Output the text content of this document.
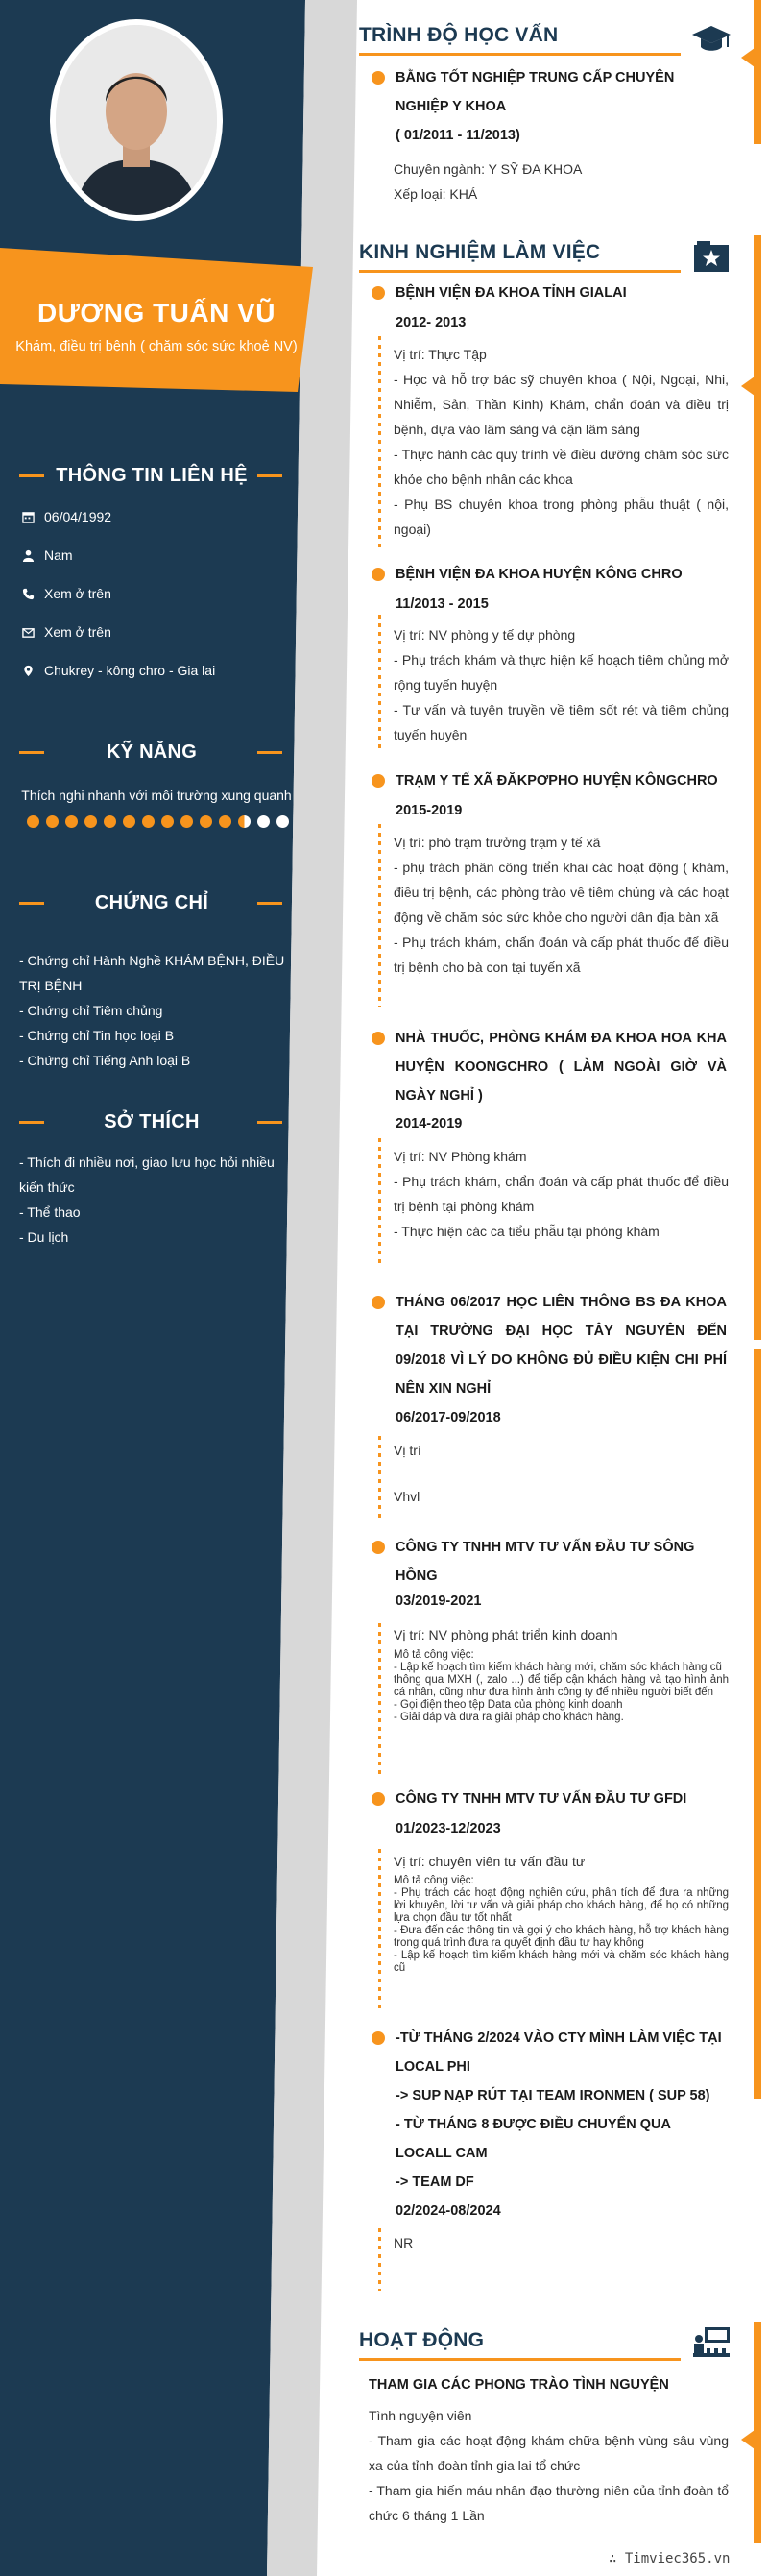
DƯƠNG TUẤN VŨ
Khám, điều trị bệnh ( chăm sóc sức khoẻ NV)
THÔNG TIN LIÊN HỆ
06/04/1992
Nam
Xem ở trên
Xem ở trên
Chukrey - kông chro - Gia lai
KỸ NĂNG
Thích nghi nhanh với môi trường xung quanh
CHỨNG CHỈ
- Chứng chỉ Hành Nghề KHÁM BỆNH, ĐIỀU TRỊ BỆNH
- Chứng chỉ Tiêm chủng
- Chứng chỉ Tin học loại B
- Chứng chỉ Tiếng Anh loại B
SỞ THÍCH
- Thích đi nhiều nơi, giao lưu học hỏi nhiều kiến thức
- Thể thao
- Du lịch
TRÌNH ĐỘ HỌC VẤN
BẰNG TỐT NGHIỆP TRUNG CẤP CHUYÊN NGHIỆP Y KHOA
( 01/2011 - 11/2013)

Chuyên ngành: Y SỸ ĐA KHOA

Xếp loại: KHÁ

KINH NGHIỆM LÀM VIỆC
BỆNH VIỆN ĐA KHOA TỈNH GIALAI
2012- 2013

Vị trí: Thực Tập

- Học và hỗ trợ bác sỹ chuyên khoa ( Nội, Ngoại, Nhi, Nhiễm, Sản, Thần Kinh) Khám, chẩn đoán và điều trị bệnh, dựa vào lâm sàng và cận lâm sàng

- Thực hành các quy trình về điều dưỡng chăm sóc sức khỏe cho bệnh nhân các khoa

- Phụ BS chuyên khoa trong phòng phẫu thuật ( nội, ngoại)

BỆNH VIỆN ĐA KHOA HUYỆN KÔNG CHRO
11/2013 - 2015

Vị trí: NV phòng y tế dự phòng

- Phụ trách khám và thực hiện kế hoạch tiêm chủng mở rộng tuyến huyện

- Tư vấn và tuyên truyền về tiêm sốt rét và tiêm chủng tuyến huyện

TRẠM Y TẾ XÃ ĐĂKPƠPHO HUYỆN KÔNGCHRO
2015-2019

Vị trí: phó trạm trưởng trạm y tế xã

- phụ trách phân công triển khai các hoạt động ( khám, điều trị bệnh, các phòng trào về tiêm chủng và các hoạt động về chăm sóc sức khỏe cho người dân địa bàn xã

- Phụ trách khám, chẩn đoán và cấp phát thuốc để điều trị bệnh cho bà con tại tuyến xã

NHÀ THUỐC, PHÒNG KHÁM ĐA KHOA HOA KHA HUYỆN KOONGCHRO ( LÀM NGOÀI GIỜ VÀ NGÀY NGHỈ )
2014-2019

Vị trí: NV Phòng khám

- Phụ trách khám, chẩn đoán và cấp phát thuốc để điều trị bệnh tại phòng khám

- Thực hiện các ca tiểu phẫu tại phòng khám

THÁNG 06/2017 HỌC LIÊN THÔNG BS ĐA KHOA TẠI TRƯỜNG ĐẠI HỌC TÂY NGUYÊN ĐẾN 09/2018 VÌ LÝ DO KHÔNG ĐỦ ĐIỀU KIỆN CHI PHÍ NÊN XIN NGHỈ
06/2017-09/2018

Vị trí

Vhvl

CÔNG TY TNHH MTV TƯ VẤN ĐẦU TƯ SÔNG HỒNG
03/2019-2021

Vị trí: NV phòng phát triển kinh doanh

Mô tả công việc:

- Lập kế hoạch tìm kiếm khách hàng mới, chăm sóc khách hàng cũ

thông qua MXH (, zalo ...) để tiếp cận khách hàng và tạo hình ảnh cá nhân, cũng như đưa hình ảnh công ty để nhiều người biết đến

- Gọi điện theo tệp Data của phòng kinh doanh

- Giải đáp và đưa ra giải pháp cho khách hàng.

CÔNG TY TNHH MTV TƯ VẤN ĐẦU TƯ GFDI
01/2023-12/2023

Vị trí: chuyên viên tư vấn đầu tư

Mô tả công việc:

- Phụ trách các hoạt động nghiên cứu, phân tích để đưa ra những lời khuyên, lời tư vấn và giải pháp cho khách hàng, để họ có những lựa chọn đầu tư tốt nhất

- Đưa đến các thông tin và gợi ý cho khách hàng, hỗ trợ khách hàng trong quá trình đưa ra quyết định đầu tư hay không

- Lập kế hoạch tìm kiếm khách hàng mới và chăm sóc khách hàng cũ

-TỪ THÁNG 2/2024 VÀO CTY MÌNH LÀM VIỆC TẠI LOCAL PHI
-> SUP NẠP RÚT TẠI TEAM IRONMEN ( SUP 58)
- TỪ THÁNG 8 ĐƯỢC ĐIỀU CHUYỂN QUA LOCALL CAM
-> TEAM DF
02/2024-08/2024

NR

HOẠT ĐỘNG
THAM GIA CÁC PHONG TRÀO TÌNH NGUYỆN

Tình nguyện viên

- Tham gia các hoạt động khám chữa bệnh vùng sâu vùng xa của tỉnh đoàn tỉnh gia lai tổ chức

- Tham gia hiến máu nhân đạo thường niên của tỉnh đoàn tổ chức 6 tháng 1 Lần

∴ Timviec365.vn
